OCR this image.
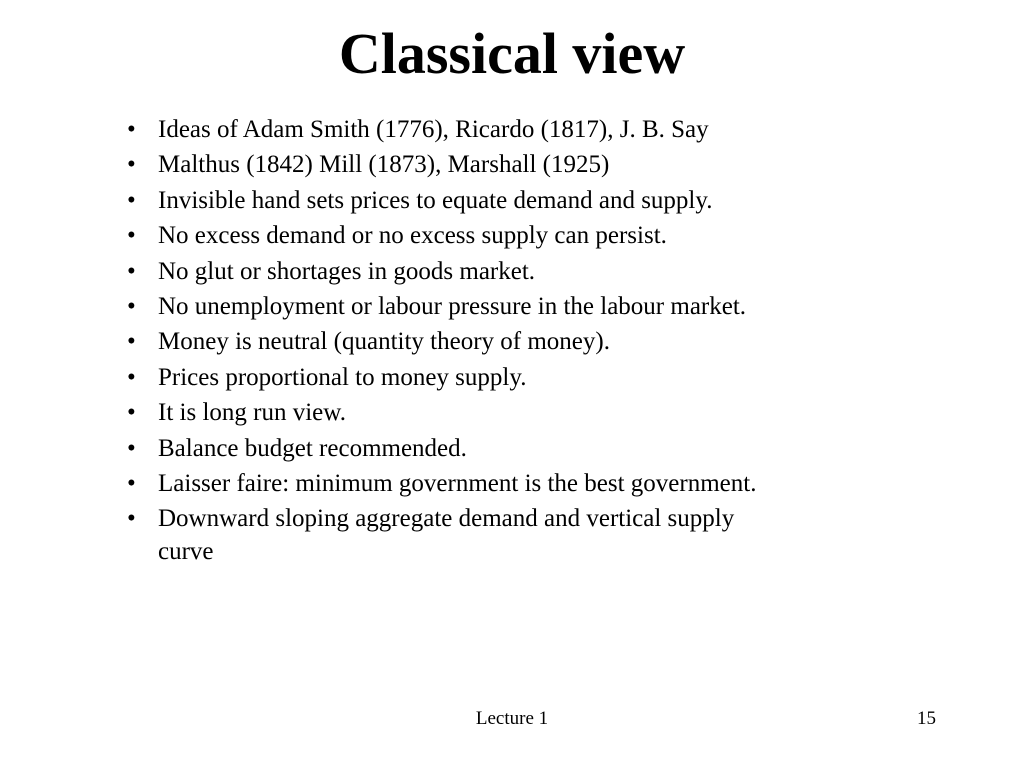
Classical view
• Ideas of Adam Smith (1776), Ricardo (1817), J. B. Say
• Malthus (1842) Mill (1873), Marshall (1925)
• Invisible hand sets prices to equate demand and supply.
• No excess demand or no excess supply can persist.
• No glut or shortages in goods market.
• No unemployment or labour pressure in the labour market.
• Money is neutral (quantity theory of money).
• Prices proportional to money supply.
• It is long run view.
• Balance budget recommended.
• Laisser faire: minimum government is the best government.
• Downward sloping aggregate demand and vertical supply curve
Lecture 1	15
